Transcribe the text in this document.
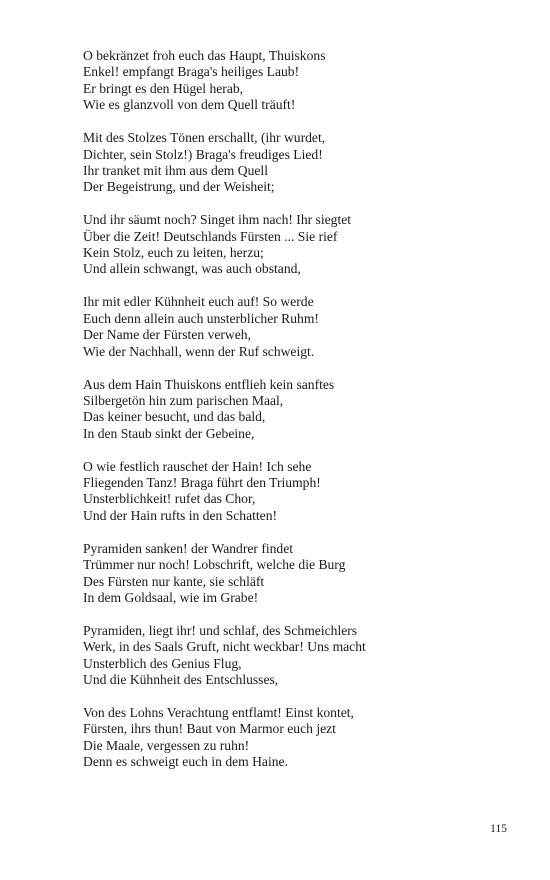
O bekränzet froh euch das Haupt, Thuiskons
Enkel! empfangt Braga's heiliges Laub!
Er bringt es den Hügel herab,
Wie es glanzvoll von dem Quell träuft!
Mit des Stolzes Tönen erschallt, (ihr wurdet,
Dichter, sein Stolz!) Braga's freudiges Lied!
Ihr tranket mit ihm aus dem Quell
Der Begeistrung, und der Weisheit;
Und ihr säumt noch? Singet ihm nach! Ihr siegtet
Über die Zeit! Deutschlands Fürsten ... Sie rief
Kein Stolz, euch zu leiten, herzu;
Und allein schwangt, was auch obstand,
Ihr mit edler Kühnheit euch auf! So werde
Euch denn allein auch unsterblicher Ruhm!
Der Name der Fürsten verweh,
Wie der Nachhall, wenn der Ruf schweigt.
Aus dem Hain Thuiskons entflieh kein sanftes
Silbergetön hin zum parischen Maal,
Das keiner besucht, und das bald,
In den Staub sinkt der Gebeine,
O wie festlich rauschet der Hain! Ich sehe
Fliegenden Tanz! Braga führt den Triumph!
Unsterblichkeit! rufet das Chor,
Und der Hain rufts in den Schatten!
Pyramiden sanken! der Wandrer findet
Trümmer nur noch! Lobschrift, welche die Burg
Des Fürsten nur kante, sie schläft
In dem Goldsaal, wie im Grabe!
Pyramiden, liegt ihr! und schlaf, des Schmeichlers
Werk, in des Saals Gruft, nicht weckbar! Uns macht
Unsterblich des Genius Flug,
Und die Kühnheit des Entschlusses,
Von des Lohns Verachtung entflamt! Einst kontet,
Fürsten, ihrs thun! Baut von Marmor euch jezt
Die Maale, vergessen zu ruhn!
Denn es schweigt euch in dem Haine.
115
